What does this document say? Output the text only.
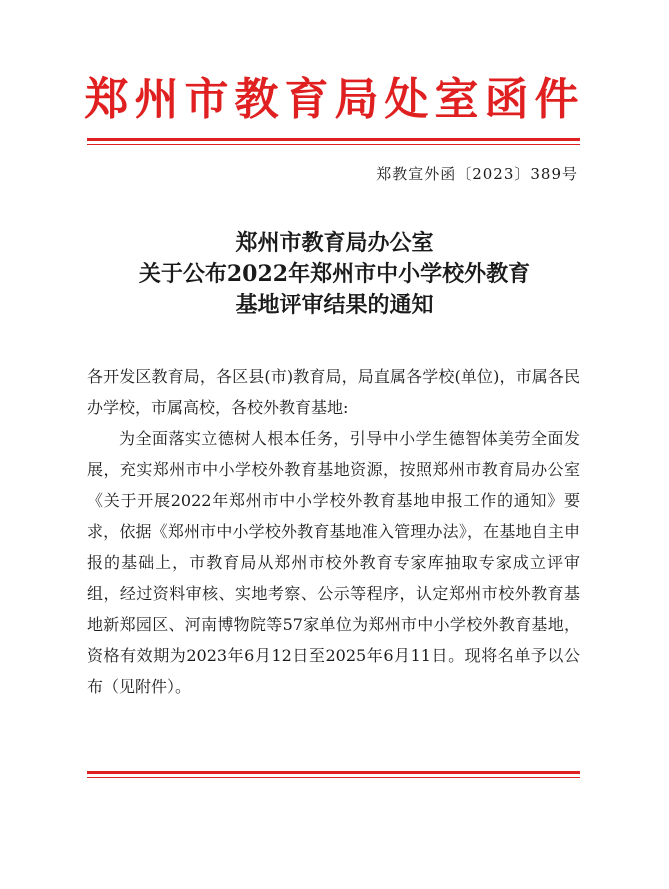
郑州市教育局处室函件
郑教宣外函〔2023〕389号
郑州市教育局办公室
关于公布2022年郑州市中小学校外教育
基地评审结果的通知

各开发区教育局，各区县(市)教育局，局直属各学校(单位)，市属各民办学校，市属高校，各校外教育基地:

为全面落实立德树人根本任务，引导中小学生德智体美劳全面发展，充实郑州市中小学校外教育基地资源，按照郑州市教育局办公室《关于开展2022年郑州市中小学校外教育基地申报工作的通知》要求，依据《郑州市中小学校外教育基地准入管理办法》，在基地自主申报的基础上，市教育局从郑州市校外教育专家库抽取专家成立评审组，经过资料审核、实地考察、公示等程序，认定郑州市校外教育基地新郑园区、河南博物院等57家单位为郑州市中小学校外教育基地，资格有效期为2023年6月12日至2025年6月11日。现将名单予以公布（见附件）。
